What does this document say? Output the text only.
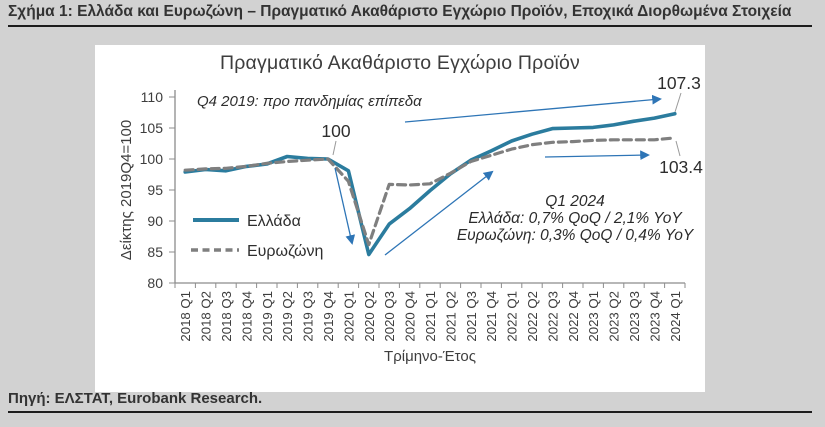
Σχήμα 1: Ελλάδα και Ευρωζώνη – Πραγματικό Ακαθάριστο Εγχώριο Προϊόν, Εποχικά Διορθωμένα Στοιχεία
Πραγματικό Ακαθάριστο Εγχώριο Προϊόν
80
85
90
95
100
105
110
2018 Q1 2018 Q2 2018 Q3 2018 Q4 2019 Q1 2019 Q2 2019 Q3 2019 Q4 2020 Q1 2020 Q2 2020 Q3 2020 Q4 2021 Q1 2021 Q2 2021 Q3 2021 Q4 2022 Q1 2022 Q2 2022 Q3 2022 Q4 2023 Q1 2023 Q2 2023 Q3 2023 Q4 2024 Q1
Δείκτης 2019Q4=100
Τρίμηνο-Έτος
Q4 2019: προ πανδημίας επίπεδα
100
107.3
103.4
Q1 2024
Ελλάδα: 0,7% QoQ / 2,1% YoY
Ευρωζώνη: 0,3% QoQ / 0,4% YoY
Ελλάδα
Ευρωζώνη
Πηγή: ΕΛΣΤΑΤ, Eurobank Research.
